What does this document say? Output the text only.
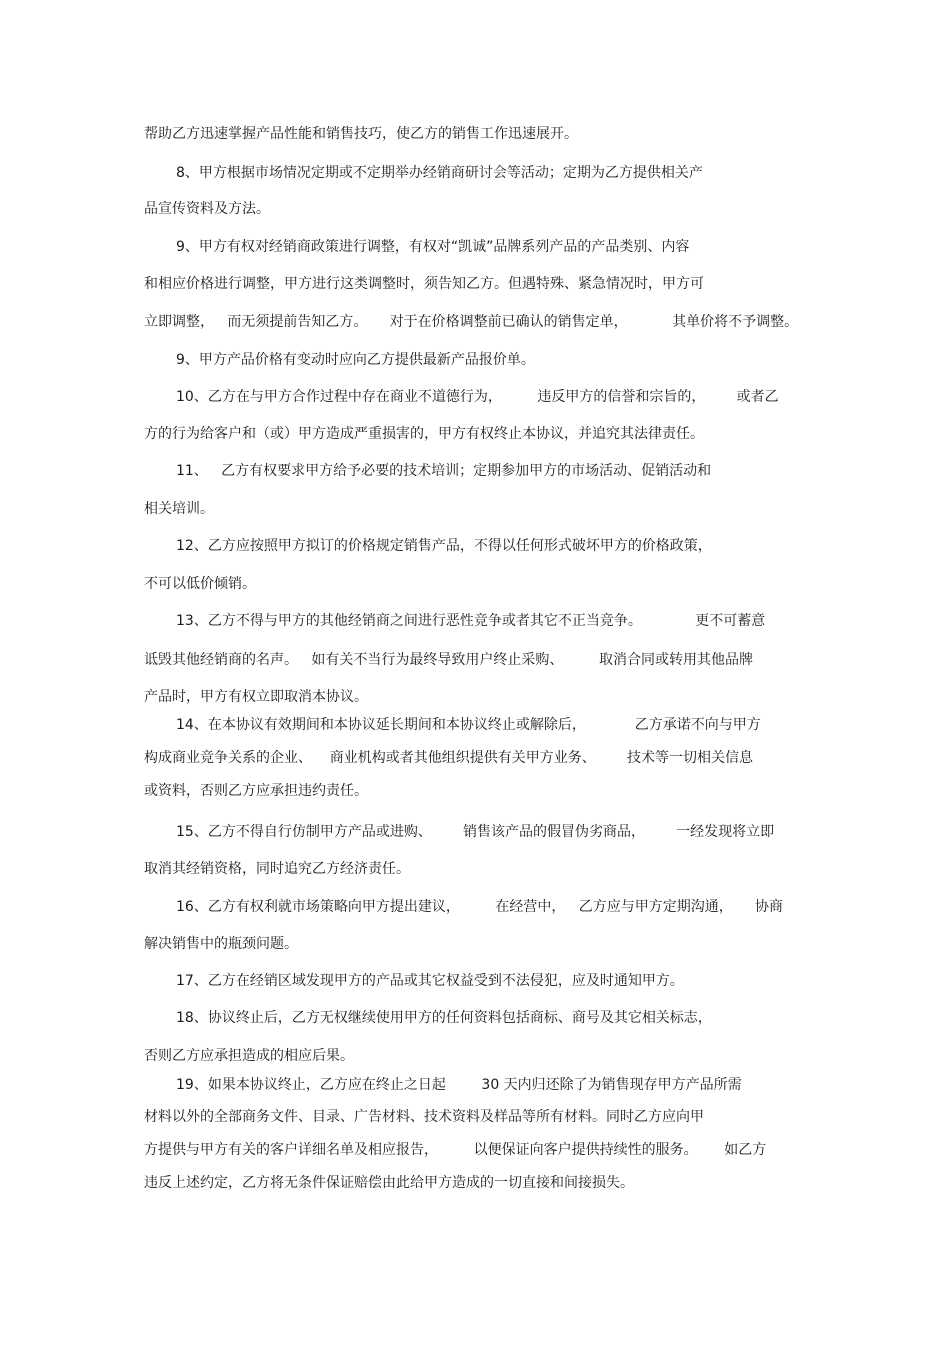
帮助乙方迅速掌握产品性能和销售技巧，使乙方的销售工作迅速展开。
8、甲方根据市场情况定期或不定期举办经销商研讨会等活动；定期为乙方提供相关产
品宣传资料及方法。
9、甲方有权对经销商政策进行调整，有权对“凯诚”品牌系列产品的产品类别、内容
和相应价格进行调整，甲方进行这类调整时，须告知乙方。但遇特殊、紧急情况时，甲方可
立即调整，   而无须提前告知乙方。     对于在价格调整前已确认的销售定单，          其单价将不予调整。
9、甲方产品价格有变动时应向乙方提供最新产品报价单。
10、乙方在与甲方合作过程中存在商业不道德行为，        违反甲方的信誉和宗旨的，       或者乙
方的行为给客户和（或）甲方造成严重损害的，甲方有权终止本协议，并追究其法律责任。
11、   乙方有权要求甲方给予必要的技术培训；定期参加甲方的市场活动、促销活动和
相关培训。
12、乙方应按照甲方拟订的价格规定销售产品，不得以任何形式破坏甲方的价格政策，
不可以低价倾销。
13、乙方不得与甲方的其他经销商之间进行恶性竞争或者其它不正当竞争。            更不可蓄意
诋毁其他经销商的名声。   如有关不当行为最终导致用户终止采购、        取消合同或转用其他品牌
产品时，甲方有权立即取消本协议。
14、在本协议有效期间和本协议延长期间和本协议终止或解除后，           乙方承诺不向与甲方
构成商业竞争关系的企业、    商业机构或者其他组织提供有关甲方业务、       技术等一切相关信息
或资料，否则乙方应承担违约责任。
15、乙方不得自行仿制甲方产品或进购、       销售该产品的假冒伪劣商品，       一经发现将立即
取消其经销资格，同时追究乙方经济责任。
16、乙方有权利就市场策略向甲方提出建议，        在经营中，   乙方应与甲方定期沟通，     协商
解决销售中的瓶颈问题。
17、乙方在经销区域发现甲方的产品或其它权益受到不法侵犯，应及时通知甲方。
18、协议终止后，乙方无权继续使用甲方的任何资料包括商标、商号及其它相关标志，
否则乙方应承担造成的相应后果。
19、如果本协议终止，乙方应在终止之日起        30 天内归还除了为销售现存甲方产品所需
材料以外的全部商务文件、目录、广告材料、技术资料及样品等所有材料。同时乙方应向甲
方提供与甲方有关的客户详细名单及相应报告，        以便保证向客户提供持续性的服务。      如乙方
违反上述约定，乙方将无条件保证赔偿由此给甲方造成的一切直接和间接损失。
